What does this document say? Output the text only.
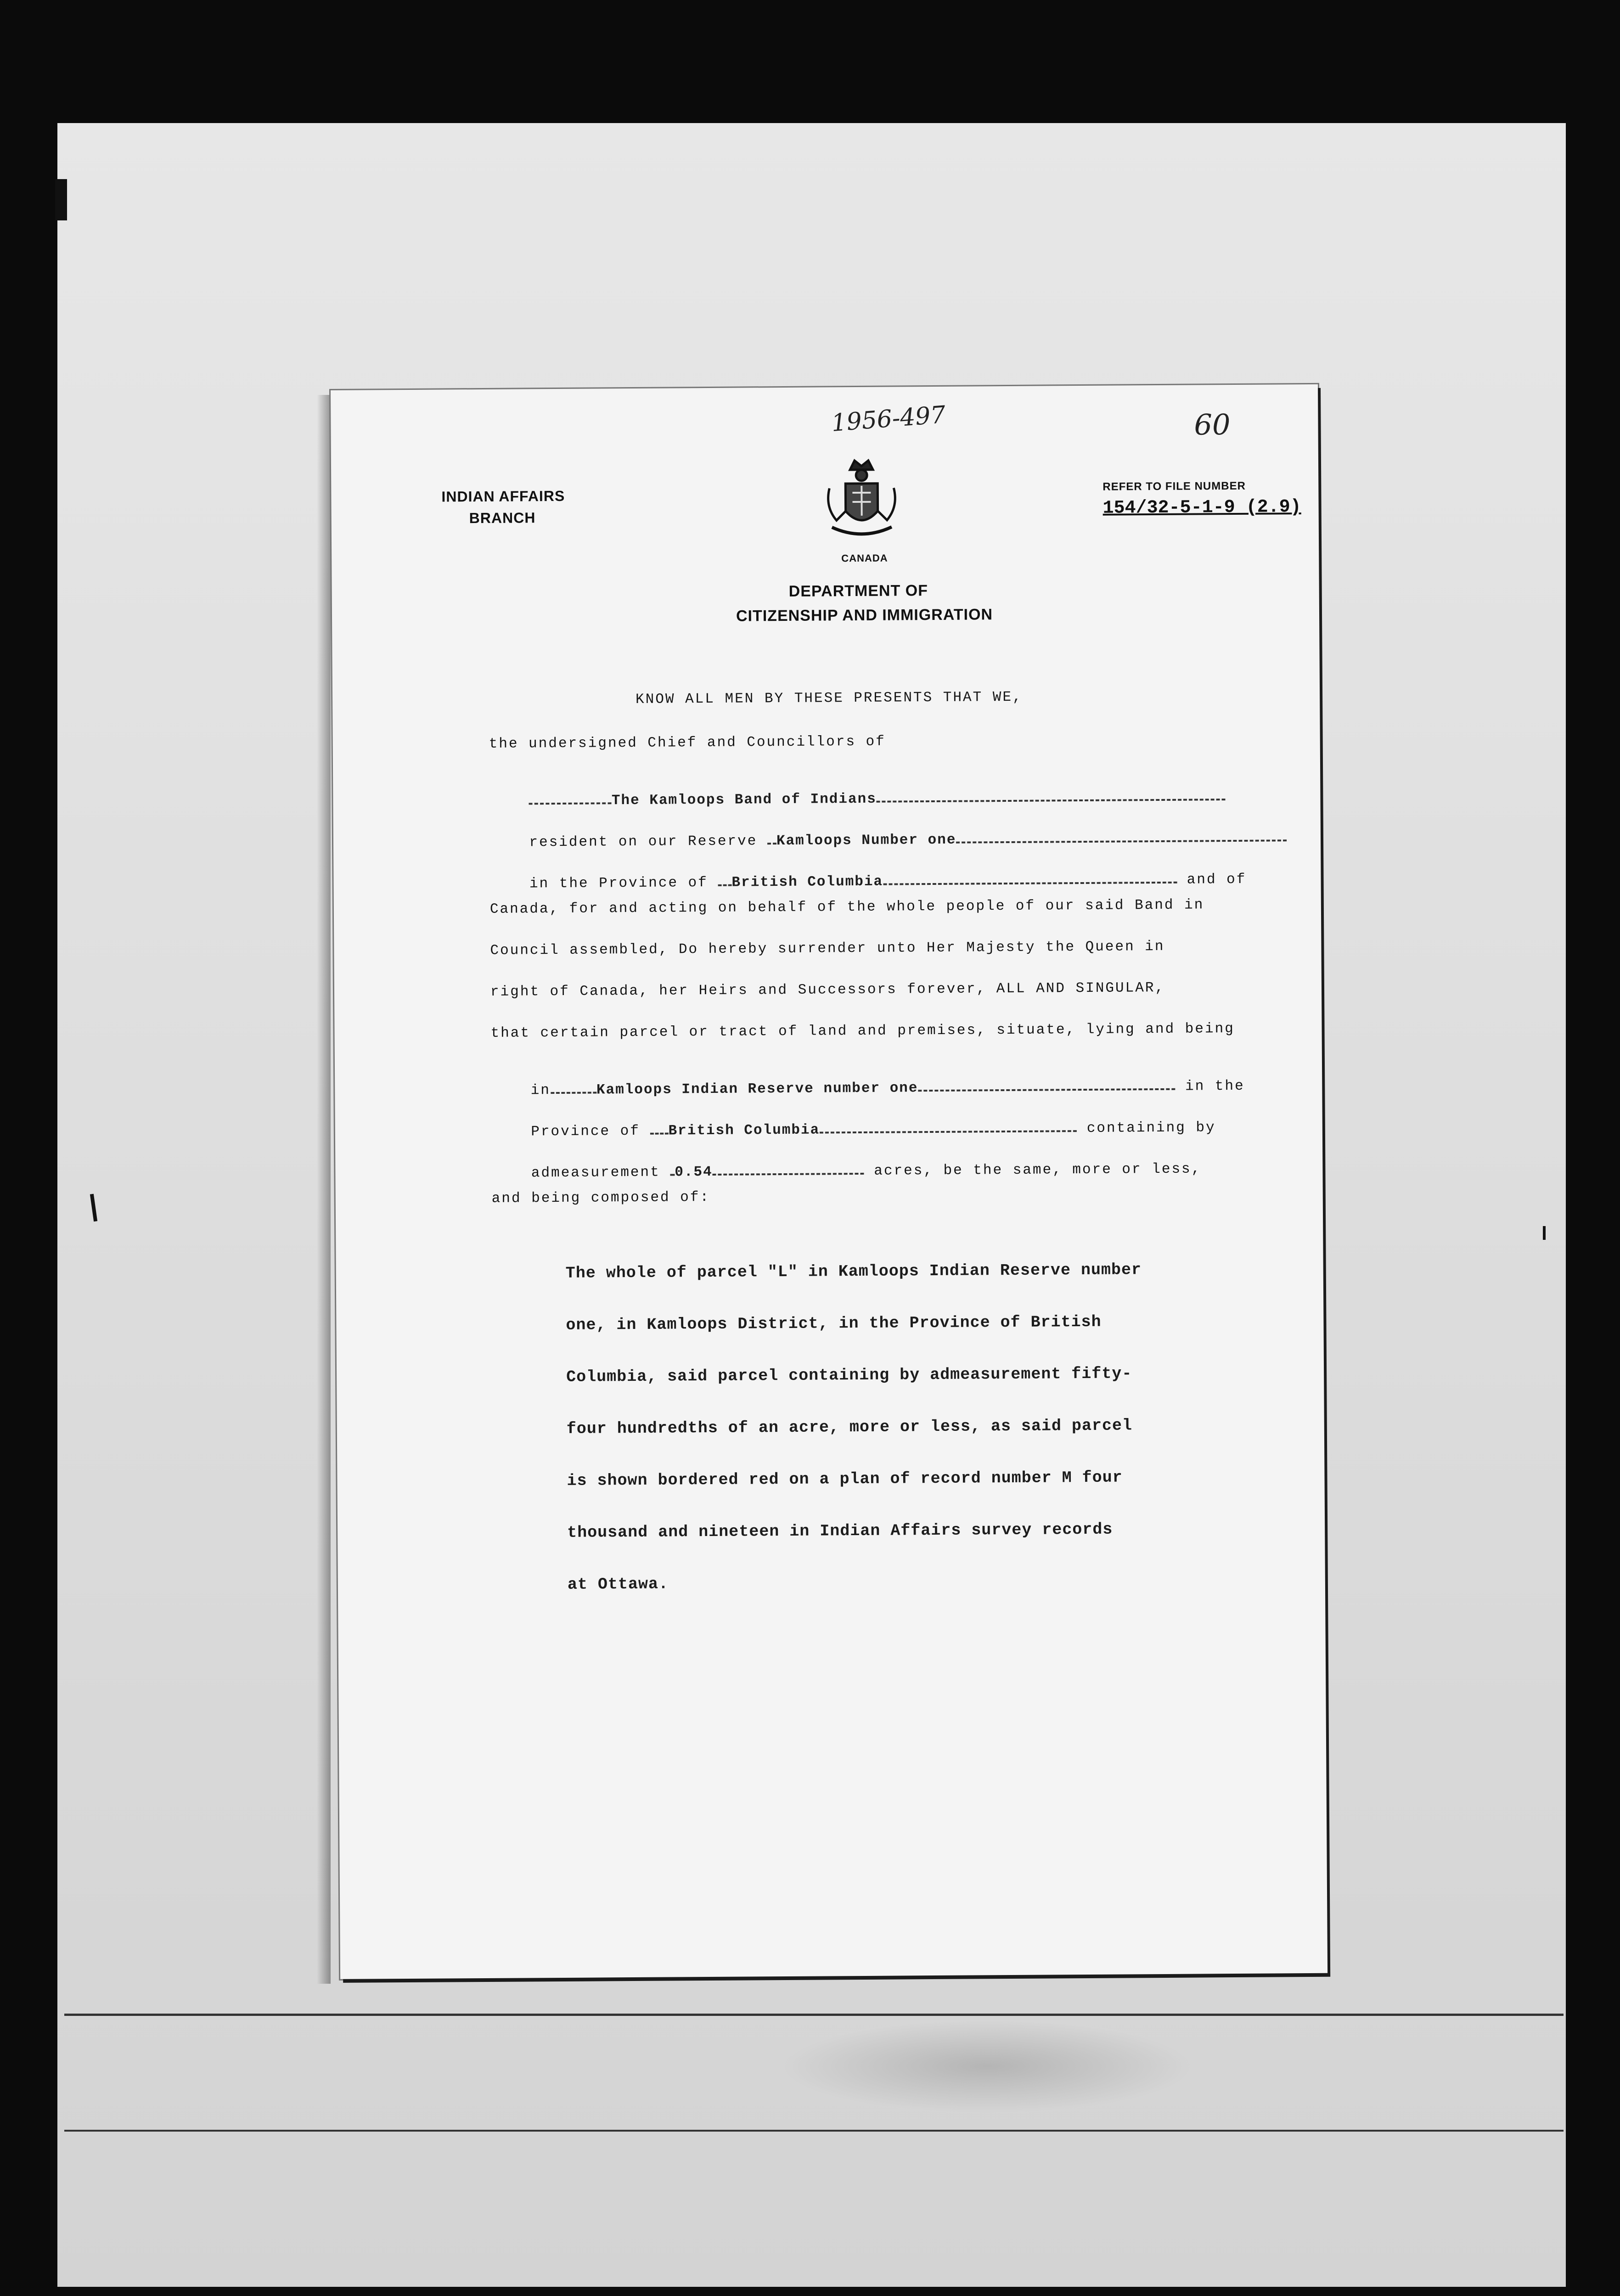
1956-497	60
INDIAN AFFAIRS
BRANCH
CANADA
DEPARTMENT OF
CITIZENSHIP AND IMMIGRATION
REFER TO FILE NUMBER
154/32-5-1-9 (2.9)
KNOW ALL MEN BY THESE PRESENTS THAT WE,
the undersigned Chief and Councillors of

The Kamloops Band of Indians

resident on our Reserve Kamloops Number one

in the Province of British Columbia	and of

Canada, for and acting on behalf of the whole people of our said Band in
Council assembled, Do hereby surrender unto Her Majesty the Queen in
right of Canada, her Heirs and Successors forever, ALL AND SINGULAR,
that certain parcel or tract of land and premises, situate, lying and being

in	Kamloops Indian Reserve number one	in the

Province of British Columbia	containing by

admeasurement 0.54	acres, be the same, more or less,

and being composed of:
The whole of parcel "L" in Kamloops Indian Reserve number
one, in Kamloops District, in the Province of British
Columbia, said parcel containing by admeasurement fifty-
four hundredths of an acre, more or less, as said parcel
is shown bordered red on a plan of record number M four
thousand and nineteen in Indian Affairs survey records
at Ottawa.
